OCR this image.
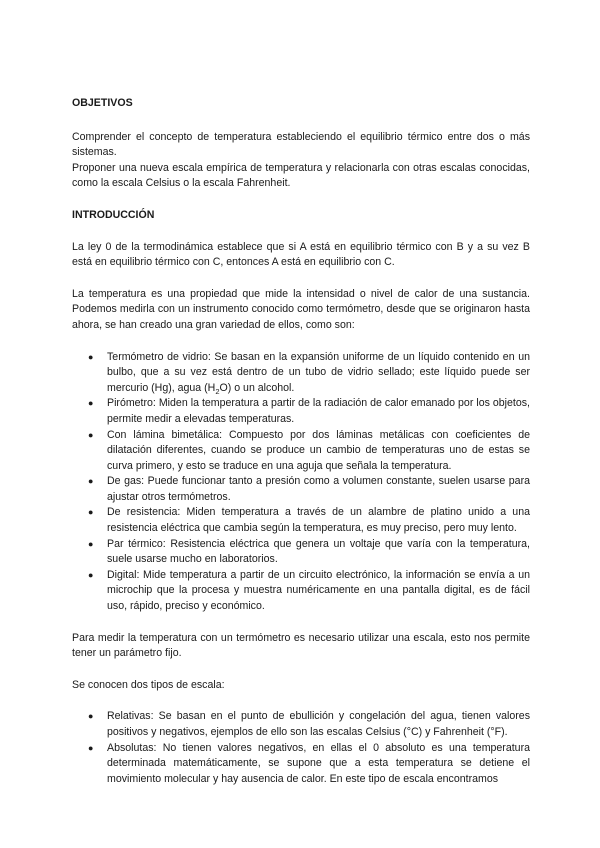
OBJETIVOS

Comprender el concepto de temperatura estableciendo el equilibrio térmico entre dos o más sistemas.

Proponer una nueva escala empírica de temperatura y relacionarla con otras escalas conocidas, como la escala Celsius o la escala Fahrenheit.

INTRODUCCIÓN

La ley 0 de la termodinámica establece que si A está en equilibrio térmico con B y a su vez B está en equilibrio térmico con C, entonces A está en equilibrio con C.

La temperatura es una propiedad que mide la intensidad o nivel de calor de una sustancia. Podemos medirla con un instrumento conocido como termómetro, desde que se originaron hasta ahora, se han creado una gran variedad de ellos, como son:

● Termómetro de vidrio: Se basan en la expansión uniforme de un líquido contenido en un bulbo, que a su vez está dentro de un tubo de vidrio sellado; este líquido puede ser mercurio (Hg), agua $(H_2O)$ o un alcohol.
● Pirómetro: Miden la temperatura a partir de la radiación de calor emanado por los objetos, permite medir a elevadas temperaturas.
● Con lámina bimetálica: Compuesto por dos láminas metálicas con coeficientes de dilatación diferentes, cuando se produce un cambio de temperaturas uno de estas se curva primero, y esto se traduce en una aguja que señala la temperatura.
● De gas: Puede funcionar tanto a presión como a volumen constante, suelen usarse para ajustar otros termómetros.
● De resistencia: Miden temperatura a través de un alambre de platino unido a una resistencia eléctrica que cambia según la temperatura, es muy preciso, pero muy lento.
● Par térmico: Resistencia eléctrica que genera un voltaje que varía con la temperatura, suele usarse mucho en laboratorios.
● Digital: Mide temperatura a partir de un circuito electrónico, la información se envía a un microchip que la procesa y muestra numéricamente en una pantalla digital, es de fácil uso, rápido, preciso y económico.

Para medir la temperatura con un termómetro es necesario utilizar una escala, esto nos permite tener un parámetro fijo.

Se conocen dos tipos de escala:

● Relativas: Se basan en el punto de ebullición y congelación del agua, tienen valores positivos y negativos, ejemplos de ello son las escalas Celsius (°C) y Fahrenheit (°F).
● Absolutas: No tienen valores negativos, en ellas el 0 absoluto es una temperatura determinada matemáticamente, se supone que a esta temperatura se detiene el movimiento molecular y hay ausencia de calor. En este tipo de escala encontramos
